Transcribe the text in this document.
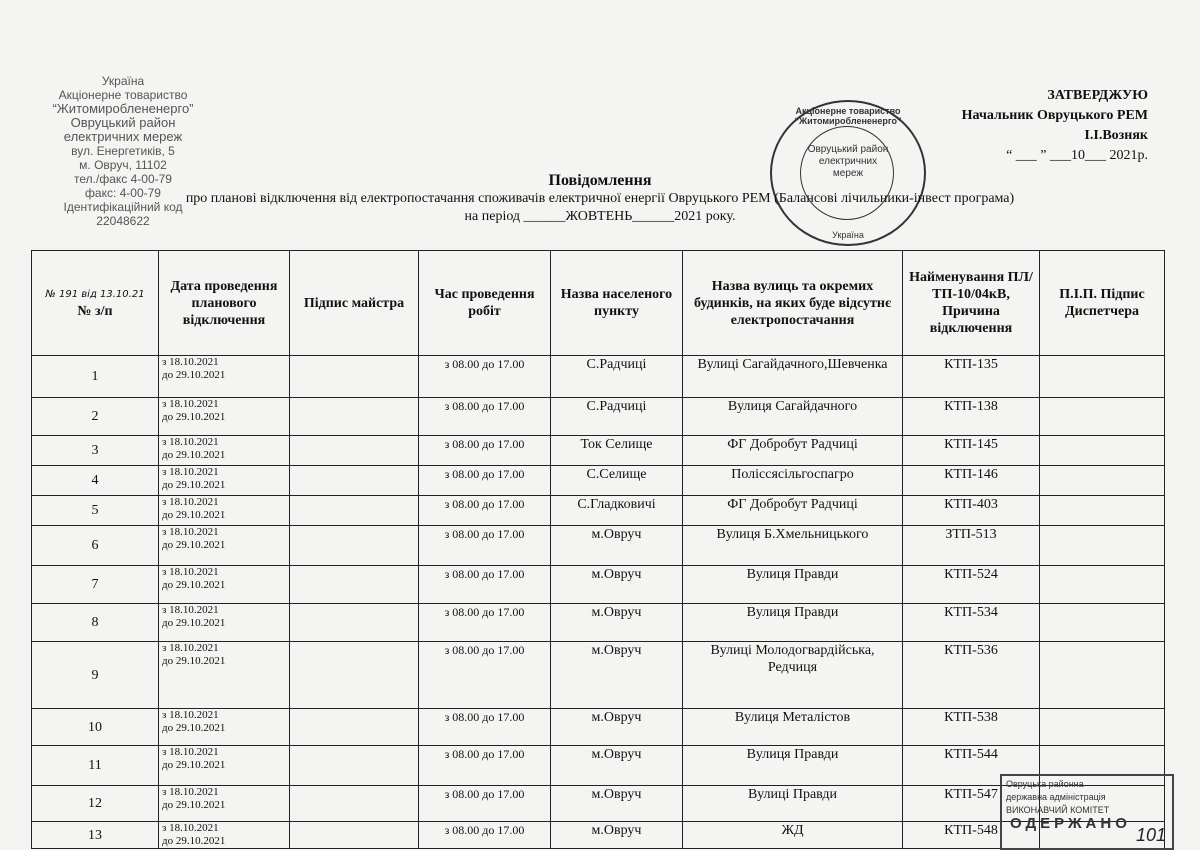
Україна
Акціонерне товариство
“Житомироблененерго”
Овруцький район
електричних мереж
вул. Енергетиків, 5
м. Овруч, 11102
тел./факс 4-00-79
факс: 4-00-79
Ідентифікаційний код
22048622
ЗАТВЕРДЖУЮ
Начальник Овруцького РЕМ
І.І.Возняк
“ ___ ” ___10___ 2021р.
Акціонерне товариство “Житомироблененерго”
Овруцький район електричних мереж
Україна
Повідомлення
про планові відключення від електропостачання споживачів електричної енергії Овруцького РЕМ (Балансові лічильники-інвест програма)
на період ______ЖОВТЕНЬ______2021 року.
№ 191 від 13.10.21
№ з/п	Дата проведення планового відключення	Підпис майстра	Час проведення робіт	Назва населеного пункту	Назва вулиць та окремих будинків, на яких буде відсутнє електропостачання	Найменування ПЛ/ТП-10/04кВ, Причина відключення	П.І.П. Підпис Диспетчера
1	з 18.10.2021
до 29.10.2021		з 08.00 до 17.00	С.Радчиці	Вулиці Сагайдачного,Шевченка	КТП-135	
2	з 18.10.2021
до 29.10.2021		з 08.00 до 17.00	С.Радчиці	Вулиця Сагайдачного	КТП-138	
3	з 18.10.2021
до 29.10.2021		з 08.00 до 17.00	Ток Селище	ФГ Добробут Радчиці	КТП-145	
4	з 18.10.2021
до 29.10.2021		з 08.00 до 17.00	С.Селище	Поліссясільгоспагро	КТП-146	
5	з 18.10.2021
до 29.10.2021		з 08.00 до 17.00	С.Гладковичі	ФГ Добробут Радчиці	КТП-403	
6	з 18.10.2021
до 29.10.2021		з 08.00 до 17.00	м.Овруч	Вулиця Б.Хмельницького	ЗТП-513	
7	з 18.10.2021
до 29.10.2021		з 08.00 до 17.00	м.Овруч	Вулиця Правди	КТП-524	
8	з 18.10.2021
до 29.10.2021		з 08.00 до 17.00	м.Овруч	Вулиця Правди	КТП-534	
9	з 18.10.2021
до 29.10.2021		з 08.00 до 17.00	м.Овруч	Вулиці Молодогвардійська, Редчиця	КТП-536	
10	з 18.10.2021
до 29.10.2021		з 08.00 до 17.00	м.Овруч	Вулиця Металістов	КТП-538	
11	з 18.10.2021
до 29.10.2021		з 08.00 до 17.00	м.Овруч	Вулиця Правди	КТП-544	
12	з 18.10.2021
до 29.10.2021		з 08.00 до 17.00	м.Овруч	Вулиці Правди	КТП-547	
13	з 18.10.2021
до 29.10.2021		з 08.00 до 17.00	м.Овруч	ЖД	КТП-548	
Овруцька районна
державна адміністрація
ВИКОНАВЧИЙ КОМІТЕТ
ОДЕРЖАНО
101
